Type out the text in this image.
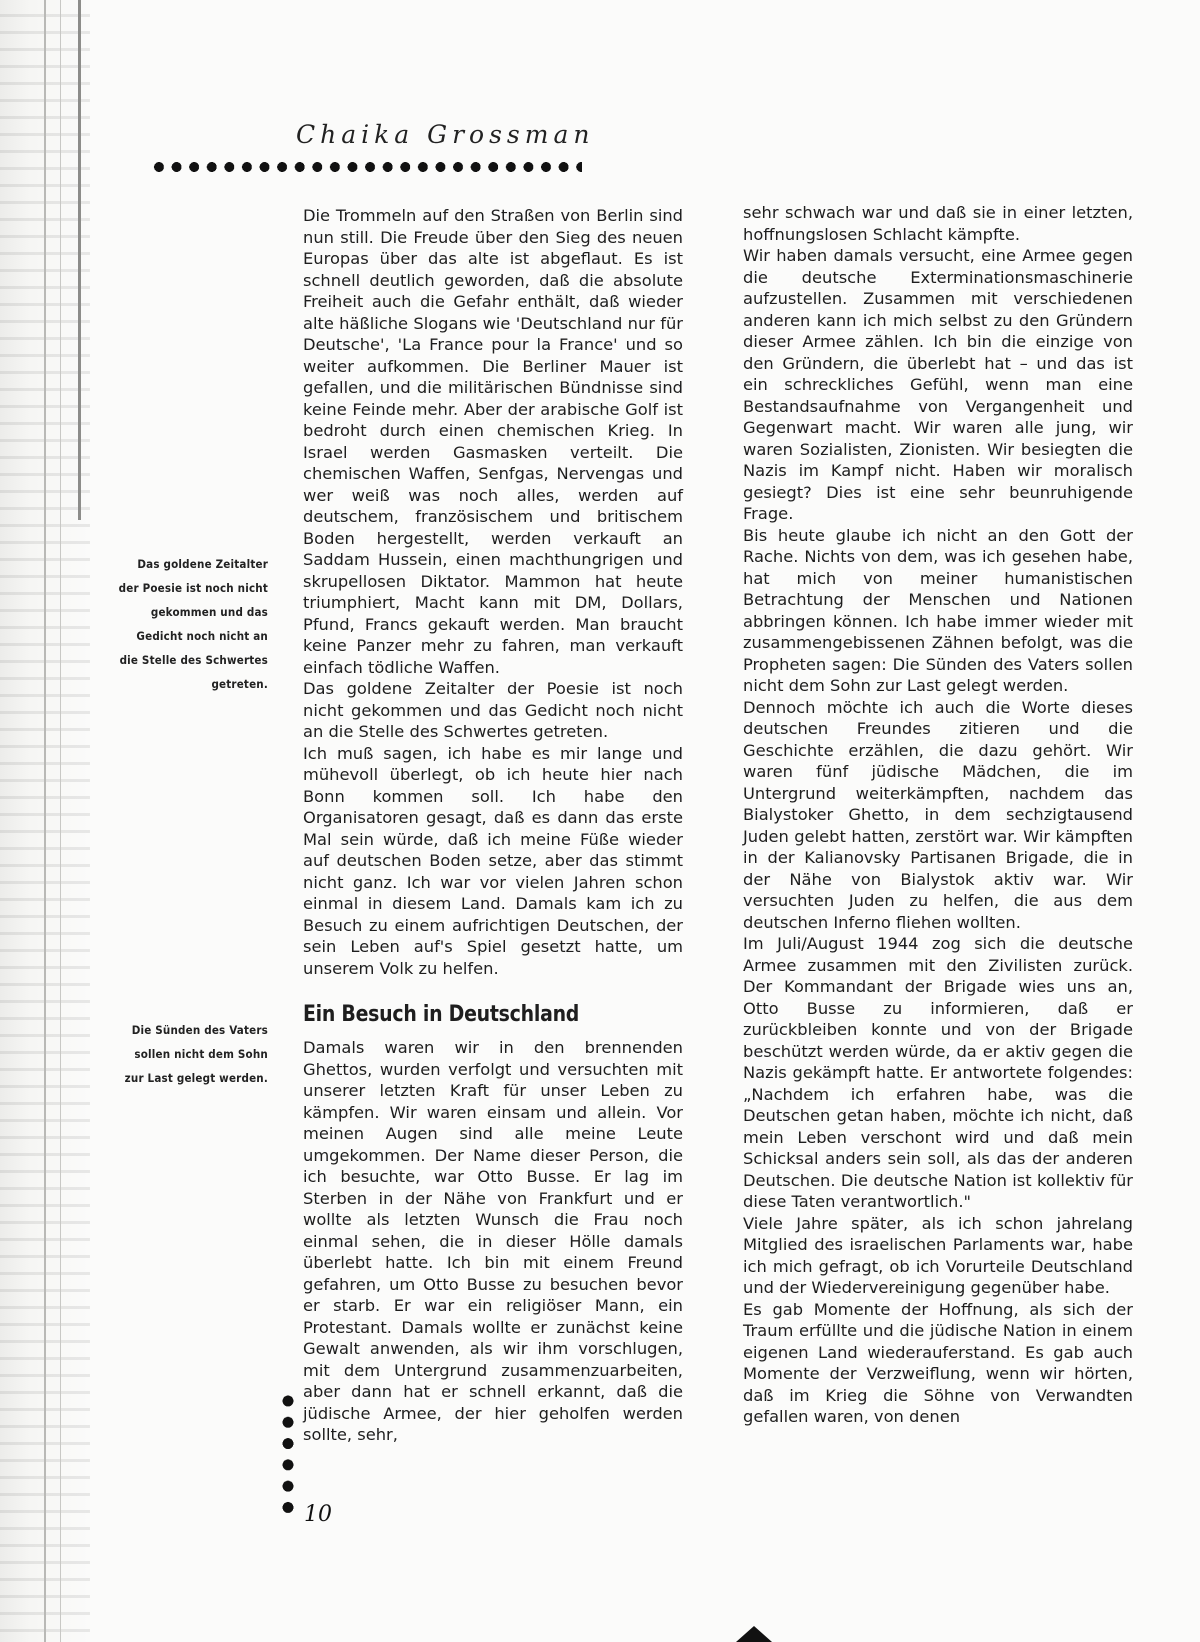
Chaika Grossman
Das goldene Zeitalter der Poesie ist noch nicht gekommen und das Gedicht noch nicht an die Stelle des Schwertes getreten.
Die Sünden des Vaters sollen nicht dem Sohn zur Last gelegt werden.

Die Trommeln auf den Straßen von Berlin sind nun still. Die Freude über den Sieg des neuen Europas über das alte ist abgeflaut. Es ist schnell deutlich geworden, daß die absolute Freiheit auch die Gefahr enthält, daß wieder alte häßliche Slogans wie 'Deutschland nur für Deutsche', 'La France pour la France' und so weiter aufkommen. Die Berliner Mauer ist gefallen, und die militärischen Bündnisse sind keine Feinde mehr. Aber der arabische Golf ist bedroht durch einen chemischen Krieg. In Israel werden Gasmasken verteilt. Die chemischen Waffen, Senfgas, Nervengas und wer weiß was noch alles, werden auf deutschem, französischem und britischem Boden hergestellt, werden verkauft an Saddam Hussein, einen machthungrigen und skrupellosen Diktator. Mammon hat heute triumphiert, Macht kann mit DM, Dollars, Pfund, Francs gekauft werden. Man braucht keine Panzer mehr zu fahren, man verkauft einfach tödliche Waffen.

Das goldene Zeitalter der Poesie ist noch nicht gekommen und das Gedicht noch nicht an die Stelle des Schwertes getreten.

Ich muß sagen, ich habe es mir lange und mühevoll überlegt, ob ich heute hier nach Bonn kommen soll. Ich habe den Organisatoren gesagt, daß es dann das erste Mal sein würde, daß ich meine Füße wieder auf deutschen Boden setze, aber das stimmt nicht ganz. Ich war vor vielen Jahren schon einmal in diesem Land. Damals kam ich zu Besuch zu einem aufrichtigen Deutschen, der sein Leben auf's Spiel gesetzt hatte, um unserem Volk zu helfen.

Ein Besuch in Deutschland

Damals waren wir in den brennenden Ghettos, wurden verfolgt und versuchten mit unserer letzten Kraft für unser Leben zu kämpfen. Wir waren einsam und allein. Vor meinen Augen sind alle meine Leute umgekommen. Der Name dieser Person, die ich besuchte, war Otto Busse. Er lag im Sterben in der Nähe von Frankfurt und er wollte als letzten Wunsch die Frau noch einmal sehen, die in dieser Hölle damals überlebt hatte. Ich bin mit einem Freund gefahren, um Otto Busse zu besuchen bevor er starb. Er war ein religiöser Mann, ein Protestant. Damals wollte er zunächst keine Gewalt anwenden, als wir ihm vorschlugen, mit dem Untergrund zusammenzuarbeiten, aber dann hat er schnell erkannt, daß die jüdische Armee, der hier geholfen werden sollte, sehr,

sehr schwach war und daß sie in einer letzten, hoffnungslosen Schlacht kämpfte.

Wir haben damals versucht, eine Armee gegen die deutsche Exterminationsmaschinerie aufzustellen. Zusammen mit verschiedenen anderen kann ich mich selbst zu den Gründern dieser Armee zählen. Ich bin die einzige von den Gründern, die überlebt hat – und das ist ein schreckliches Gefühl, wenn man eine Bestandsaufnahme von Vergangenheit und Gegenwart macht. Wir waren alle jung, wir waren Sozialisten, Zionisten. Wir besiegten die Nazis im Kampf nicht. Haben wir moralisch gesiegt? Dies ist eine sehr beunruhigende Frage.

Bis heute glaube ich nicht an den Gott der Rache. Nichts von dem, was ich gesehen habe, hat mich von meiner humanistischen Betrachtung der Menschen und Nationen abbringen können. Ich habe immer wieder mit zusammengebissenen Zähnen befolgt, was die Propheten sagen: Die Sünden des Vaters sollen nicht dem Sohn zur Last gelegt werden.

Dennoch möchte ich auch die Worte dieses deutschen Freundes zitieren und die Geschichte erzählen, die dazu gehört. Wir waren fünf jüdische Mädchen, die im Untergrund weiterkämpften, nachdem das Bialystoker Ghetto, in dem sechzigtausend Juden gelebt hatten, zerstört war. Wir kämpften in der Kalianovsky Partisanen Brigade, die in der Nähe von Bialystok aktiv war. Wir versuchten Juden zu helfen, die aus dem deutschen Inferno fliehen wollten.

Im Juli/August 1944 zog sich die deutsche Armee zusammen mit den Zivilisten zurück. Der Kommandant der Brigade wies uns an, Otto Busse zu informieren, daß er zurückbleiben konnte und von der Brigade beschützt werden würde, da er aktiv gegen die Nazis gekämpft hatte. Er antwortete folgendes: „Nachdem ich erfahren habe, was die Deutschen getan haben, möchte ich nicht, daß mein Leben verschont wird und daß mein Schicksal anders sein soll, als das der anderen Deutschen. Die deutsche Nation ist kollektiv für diese Taten verantwortlich."

Viele Jahre später, als ich schon jahrelang Mitglied des israelischen Parlaments war, habe ich mich gefragt, ob ich Vorurteile Deutschland und der Wiedervereinigung gegenüber habe.

Es gab Momente der Hoffnung, als sich der Traum erfüllte und die jüdische Nation in einem eigenen Land wiederauferstand. Es gab auch Momente der Verzweiflung, wenn wir hörten, daß im Krieg die Söhne von Verwandten gefallen waren, von denen

10
